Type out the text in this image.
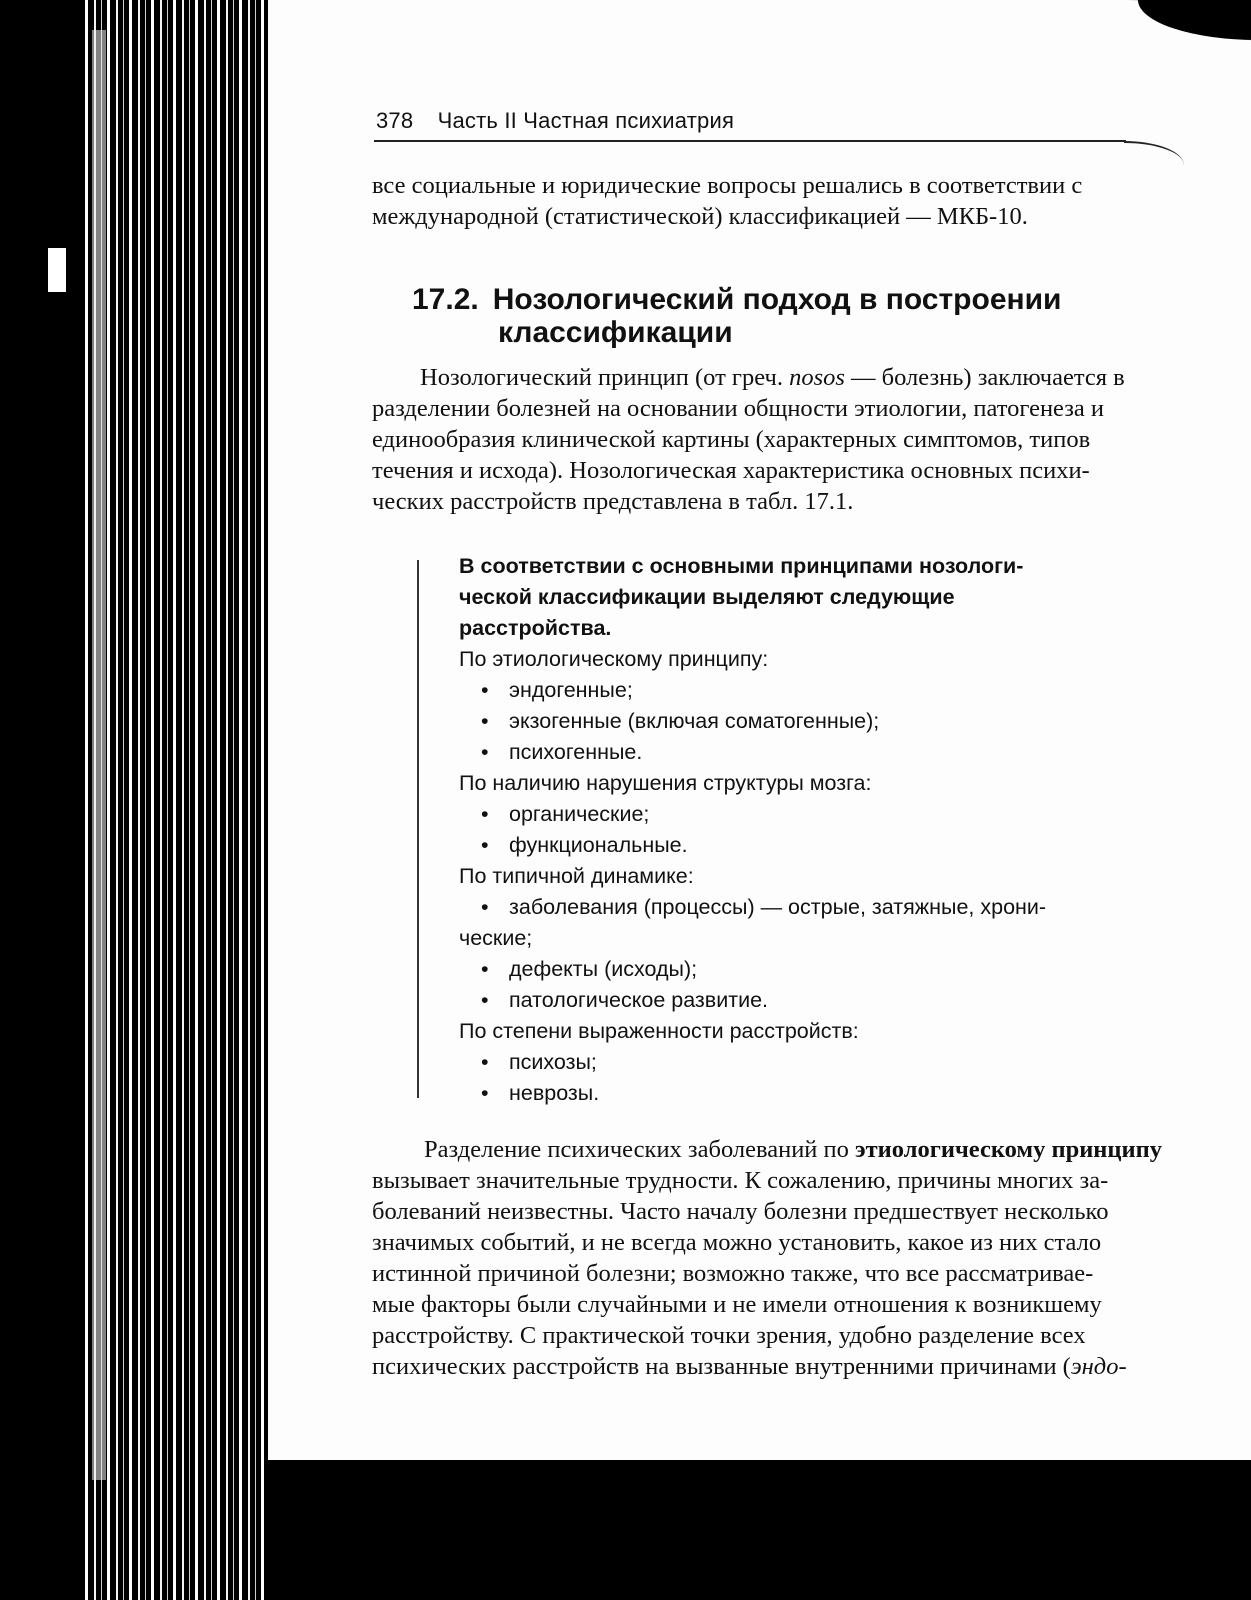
378 Часть II Частная психиатрия
все социальные и юридические вопросы решались в соответствии с
международной (статистической) классификацией — МКБ-10.
17.2. Нозологический подход в построении
классификации
Нозологический принцип (от греч. nosos — болезнь) заключается в
разделении болезней на основании общности этиологии, патогенеза и
единообразия клинической картины (характерных симптомов, типов
течения и исхода). Нозологическая характеристика основных психи-
ческих расстройств представлена в табл. 17.1.
В соответствии с основными принципами нозологи-
ческой классификации выделяют следующие
расстройства.
По этиологическому принципу:
• эндогенные;
• экзогенные (включая соматогенные);
• психогенные.
По наличию нарушения структуры мозга:
• органические;
• функциональные.
По типичной динамике:
• заболевания (процессы) — острые, затяжные, хрони-
ческие;
• дефекты (исходы);
• патологическое развитие.
По степени выраженности расстройств:
• психозы;
• неврозы.
Разделение психических заболеваний по этиологическому принципу
вызывает значительные трудности. К сожалению, причины многих за-
болеваний неизвестны. Часто началу болезни предшествует несколько
значимых событий, и не всегда можно установить, какое из них стало
истинной причиной болезни; возможно также, что все рассматривае-
мые факторы были случайными и не имели отношения к возникшему
расстройству. С практической точки зрения, удобно разделение всех
психических расстройств на вызванные внутренними причинами (эндо-
